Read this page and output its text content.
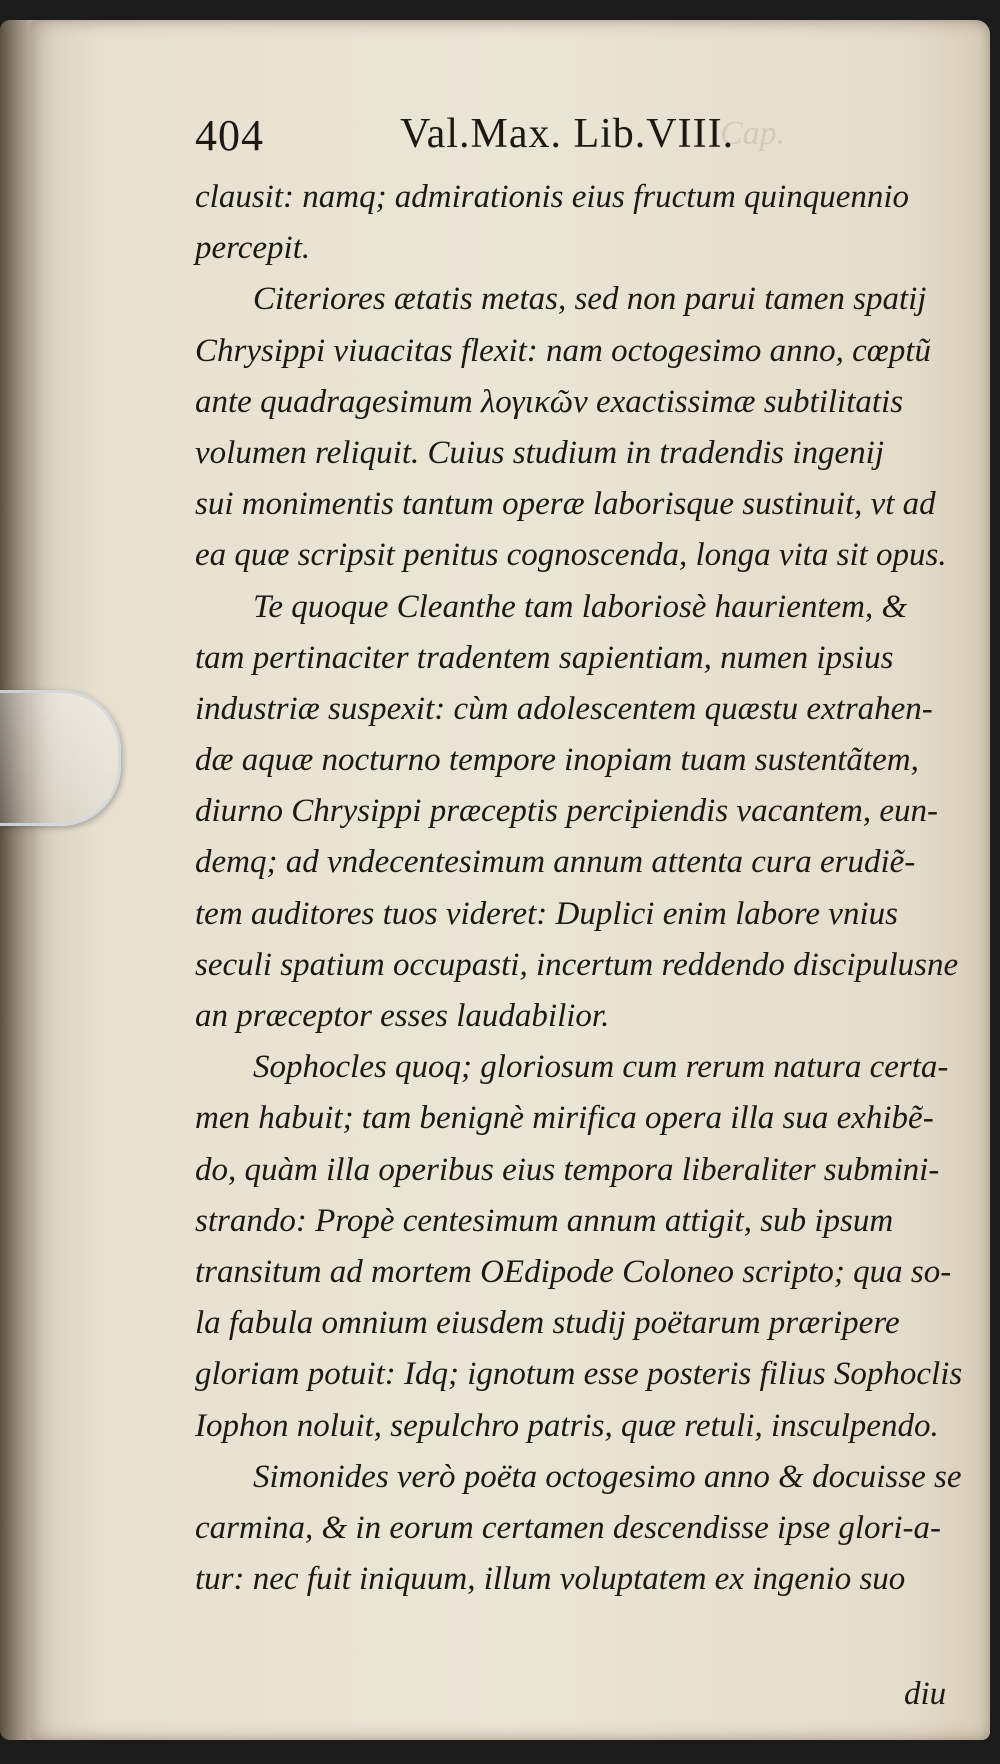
Cap.
404	Val.Max. Lib.VIII.
clausit: namq; admirationis eius fructum quinquennio
percepit.
Citeriores ætatis metas, sed non parui tamen spatij
Chrysippi viuacitas flexit: nam octogesimo anno, cœptũ
ante quadragesimum λογικῶν exactissimæ subtilitatis
volumen reliquit. Cuius studium in tradendis ingenij
sui monimentis tantum operæ laborisque sustinuit, vt ad
ea quæ scripsit penitus cognoscenda, longa vita sit opus.
Te quoque Cleanthe tam laboriosè haurientem, &
tam pertinaciter tradentem sapientiam, numen ipsius
industriæ suspexit: cùm adolescentem quæstu extrahen-
dæ aquæ nocturno tempore inopiam tuam sustentãtem,
diurno Chrysippi præceptis percipiendis vacantem, eun-
demq; ad vndecentesimum annum attenta cura erudiẽ-
tem auditores tuos videret: Duplici enim labore vnius
seculi spatium occupasti, incertum reddendo discipulusne
an præceptor esses laudabilior.
Sophocles quoq; gloriosum cum rerum natura certa-
men habuit; tam benignè mirifica opera illa sua exhibẽ-
do, quàm illa operibus eius tempora liberaliter submini-
strando: Propè centesimum annum attigit, sub ipsum
transitum ad mortem OEdipode Coloneo scripto; qua so-
la fabula omnium eiusdem studij poëtarum præripere
gloriam potuit: Idq; ignotum esse posteris filius Sophoclis
Iophon noluit, sepulchro patris, quæ retuli, insculpendo.
Simonides verò poëta octogesimo anno & docuisse se
carmina, & in eorum certamen descendisse ipse glori-a-
tur: nec fuit iniquum, illum voluptatem ex ingenio suo
diu
